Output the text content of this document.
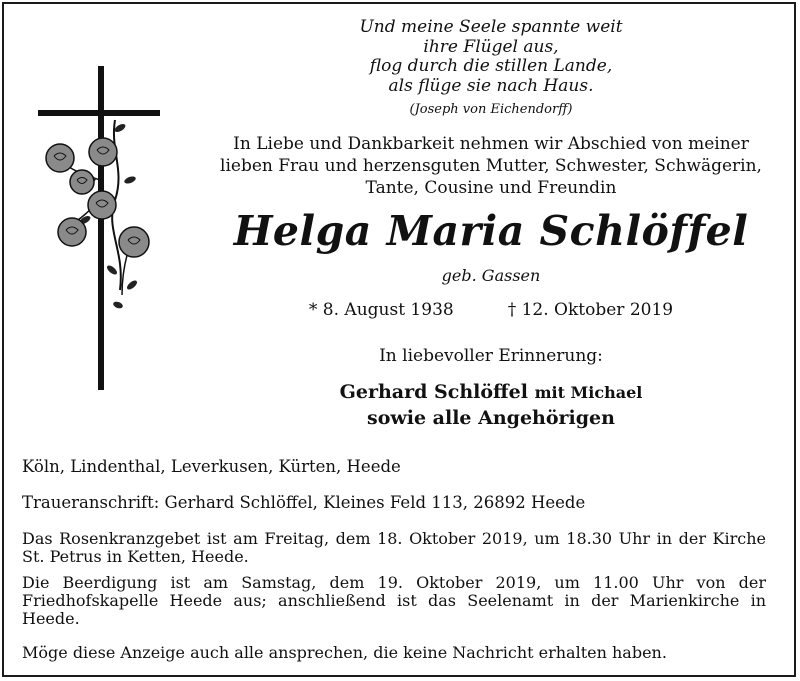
Und meine Seele spannte weit
ihre Flügel aus,
flog durch die stillen Lande,
als flüge sie nach Haus.
(Joseph von Eichendorff)
In Liebe und Dankbarkeit nehmen wir Abschied von meiner
lieben Frau und herzensguten Mutter, Schwester, Schwägerin,
Tante, Cousine und Freundin
Helga Maria Schlöffel
geb. Gassen
* 8. August 1938	† 12. Oktober 2019
In liebevoller Erinnerung:
Gerhard Schlöffel mit Michael
sowie alle Angehörigen
Köln, Lindenthal, Leverkusen, Kürten, Heede
Traueranschrift: Gerhard Schlöffel, Kleines Feld 113, 26892 Heede
Das Rosenkranzgebet ist am Freitag, dem 18. Oktober 2019, um 18.30 Uhr in der Kirche St. Petrus in Ketten, Heede.
Die Beerdigung ist am Samstag, dem 19. Oktober 2019, um 11.00 Uhr von der Friedhofskapelle Heede aus; anschließend ist das Seelenamt in der Marienkirche in Heede.
Möge diese Anzeige auch alle ansprechen, die keine Nachricht erhalten haben.
